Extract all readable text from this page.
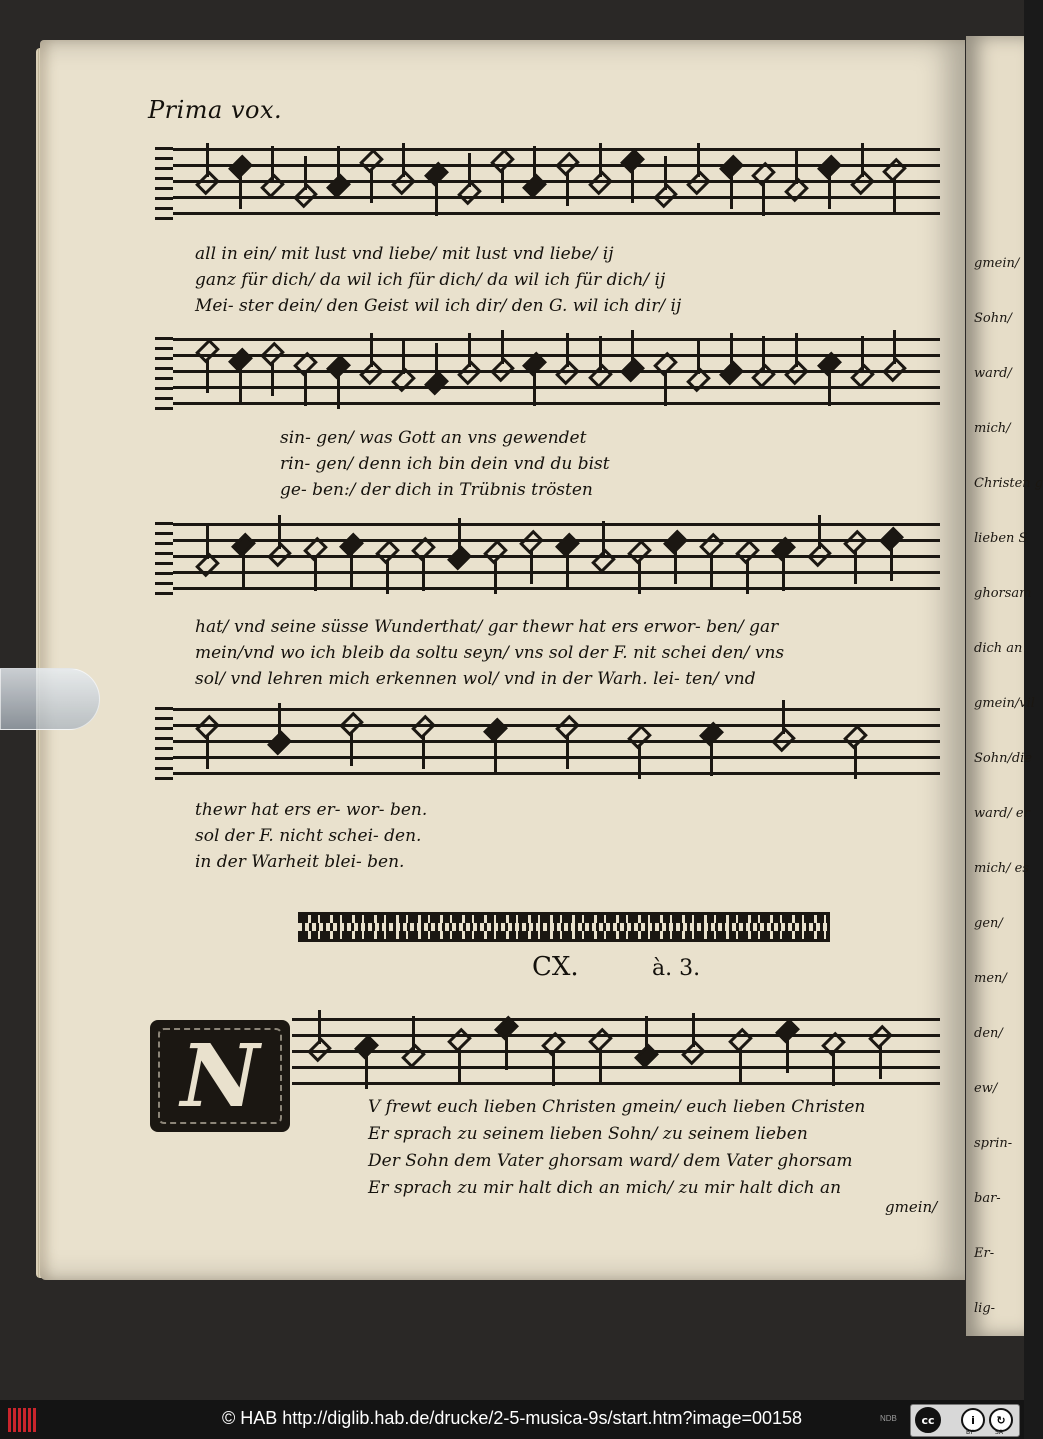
gmein/
Sohn/
ward/
mich/
Christen g
lieben S
ghorsam
dich an
gmein/vil
Sohn/die
ward/ er
mich/ es
gen/
men/
den/
ew/
sprin-
bar-
Er-
lig-
Prima vox.
all in ein/ mit lust vnd liebe/ mit lust vnd liebe/ ij
ganz für dich/ da wil ich für dich/ da wil ich für dich/ ij
Mei- ster dein/ den Geist wil ich dir/ den G. wil ich dir/ ij
sin- gen/ was Gott an vns gewendet
rin- gen/ denn ich bin dein vnd du bist
ge- ben:/ der dich in Trübnis trösten
hat/ vnd seine süsse Wunderthat/ gar thewr hat ers erwor- ben/ gar
mein/vnd wo ich bleib da soltu seyn/ vns sol der F. nit schei den/ vns
sol/ vnd lehren mich erkennen wol/ vnd in der Warh. lei- ten/ vnd
thewr hat ers er- wor- ben.
sol der F. nicht schei- den.
in der Warheit blei- ben.
CX.	à. 3.
N	V frewt euch lieben Christen gmein/ euch lieben Christen
Er sprach zu seinem lieben Sohn/ zu seinem lieben
Der Sohn dem Vater ghorsam ward/ dem Vater ghorsam
Er sprach zu mir halt dich an mich/ zu mir halt dich an
gmein/
© HAB http://diglib.hab.de/drucke/2-5-musica-9s/start.htm?image=00158	NDB	cc	i	↻
BY	SA
